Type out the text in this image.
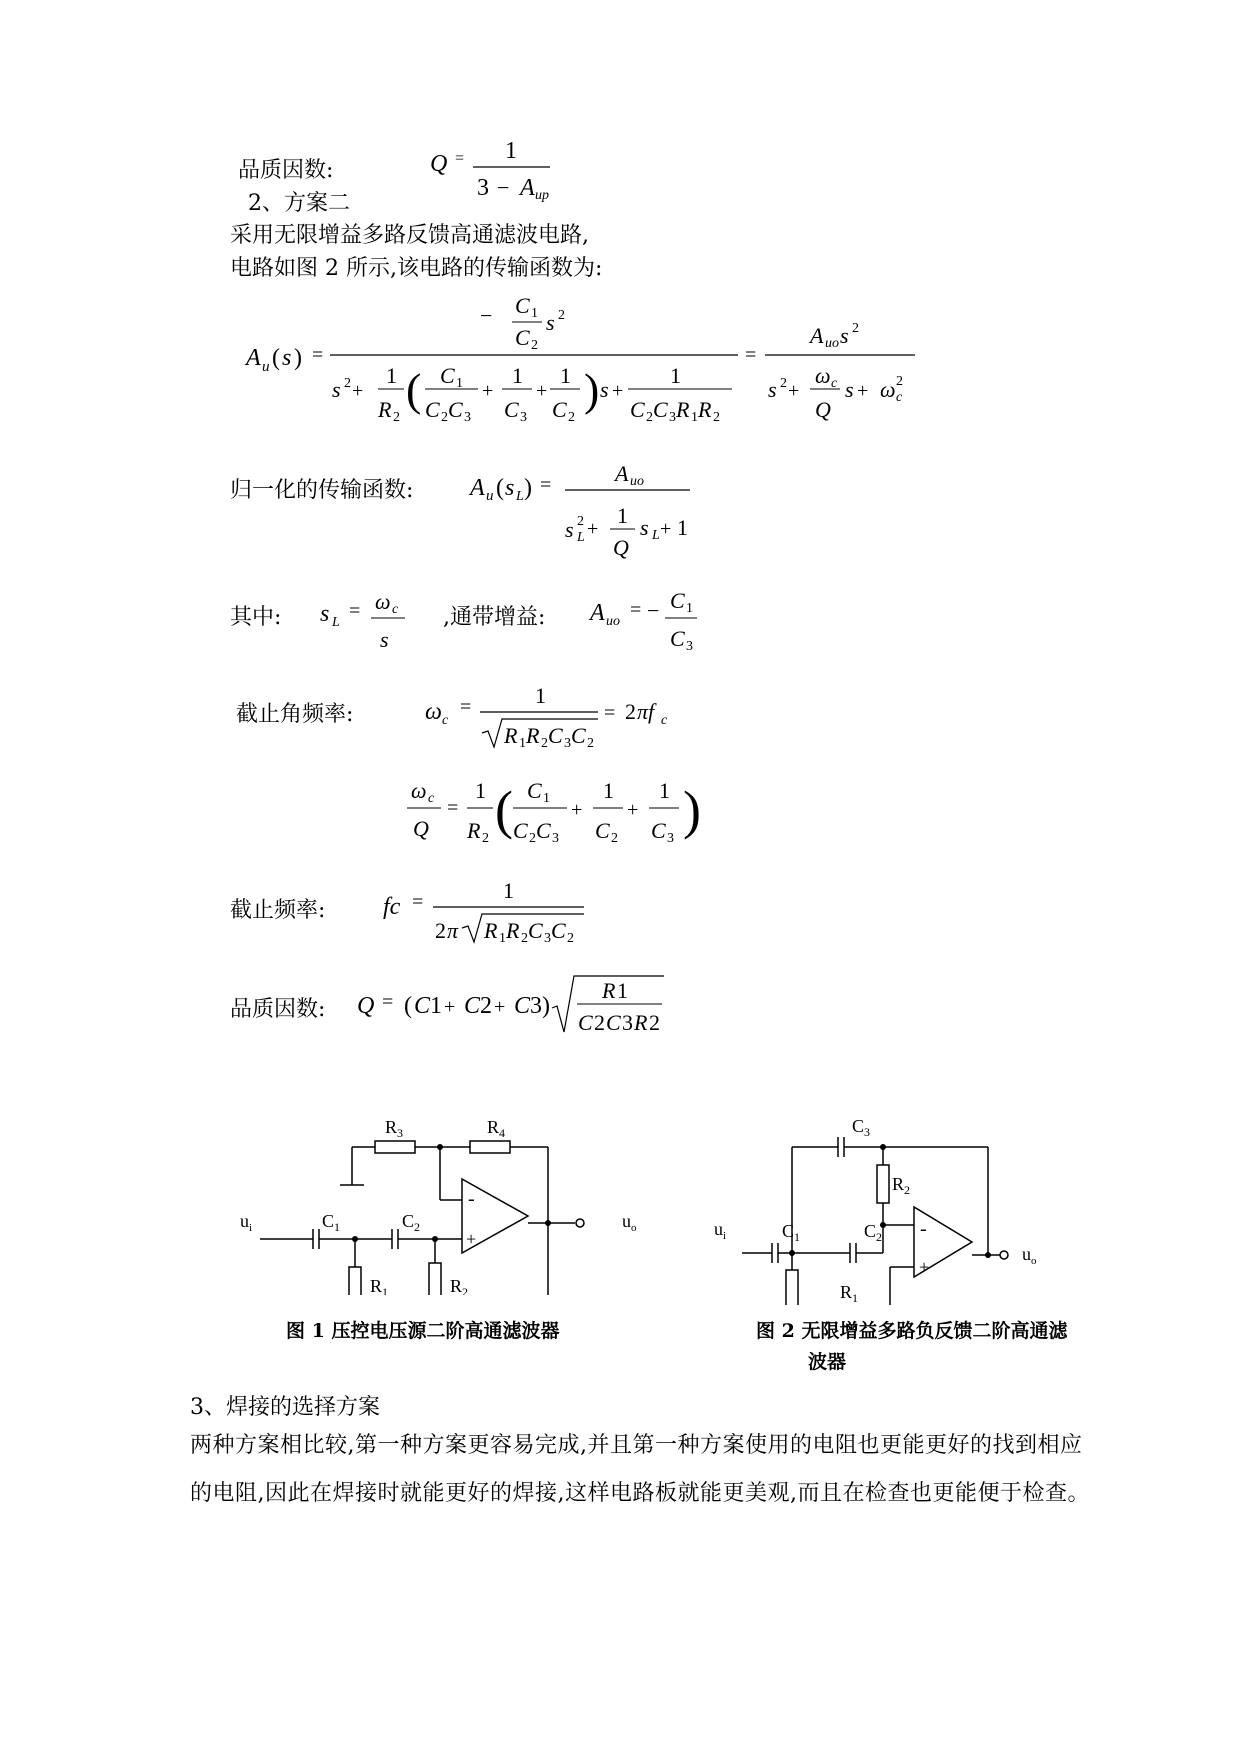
品质因数:	Q = 1
3 − A up
2、方案二
采用无限增益多路反馈高通滤波电路,
电路如图 2 所示,该电路的传输函数为:
A u ( s ) =
− C 1
C 2
s 2
s 2 +
1
R 2
( C 1
C 2 C 3
+
1
C 3
+
1
C 2
) s +
1
C 2 C 3 R 1 R 2
=
A uo s 2
s 2 +
ω c
Q
s + ω c
2
归一化的传输函数: A u ( s L ) =	A uo
s L
2 +
1
Q
s L + 1
其中: s L
= ω c
s
,通带增益: A uo
= − C 1
C 3
截止角频率:	ω c
=	1
R 1 R 2 C 3 C 2
= 2 πf c
ω c
Q
=
1
R 2 ( C 1
C 2 C 3
+
1
C 2
+
1
C 3 )
截止频率: fc =	1
2 π R 1 R 2 C 3 C 2
品质因数: Q = ( C 1 + C 2 + C 3 )
R 1
C 2 C 3 R 2
-
+
$R_3$	$R_4$
$C_1$	$C_2$
$R_1$	$R_2$
$u_i$	$u_o$	-
+
$C_3$
$R_2$
$C_1$	$C_2$
$R_1$
$u_i$
$u_o$
图 1 压控电压源二阶高通滤波器	图 2 无限增益多路负反馈二阶高通滤
波器
3、焊接的选择方案
两种方案相比较,第一种方案更容易完成,并且第一种方案使用的电阻也更能更好的找到相应的电阻,因此在焊接时就能更好的焊接,这样电路板就能更美观,而且在检查也更能便于检查。
